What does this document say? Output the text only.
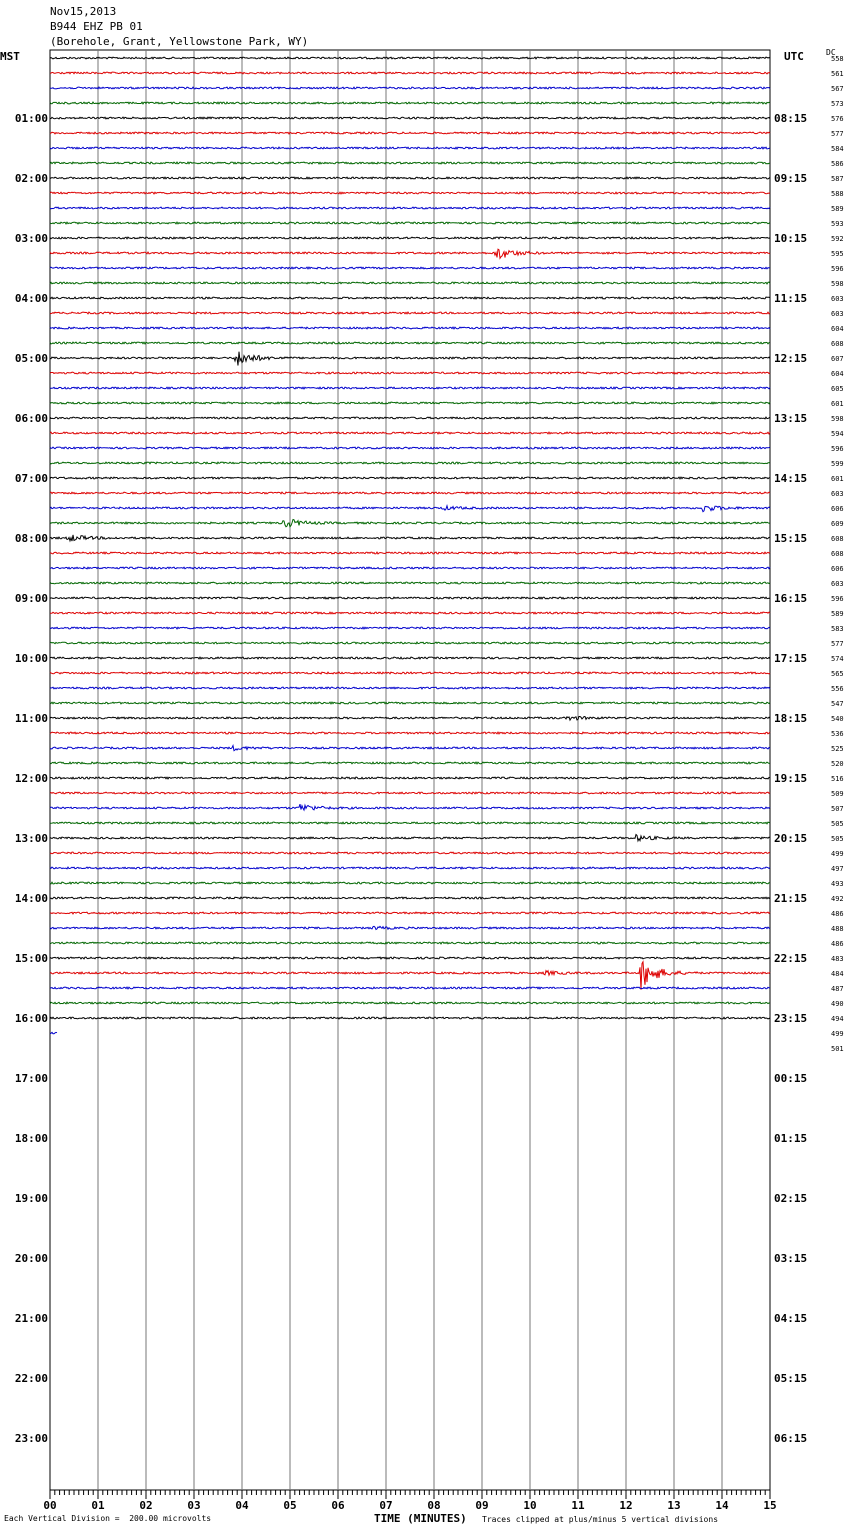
Nov15,2013
B944 EHZ PB 01
(Borehole, Grant, Yellowstone Park, WY)
MST	UTC	DC
00	01	02	03	04	05	06	07	08	09	10	11	12	13	14	15
01:00
02:00
03:00
04:00
05:00
06:00
07:00
08:00
09:00
10:00
11:00
12:00
13:00
14:00
15:00
16:00
17:00
18:00
19:00
20:00
21:00
22:00
23:00
08:15
09:15
10:15
11:15
12:15
13:15
14:15
15:15
16:15
17:15
18:15
19:15
20:15
21:15
22:15
23:15
00:15
01:15
02:15
03:15
04:15
05:15
06:15
558
561
567
573
576
577
584
586
587
588
589
593
592
595
596
598
603
603
604
608
607
604
605
601
598
594
596
599
601
603
606
609
608
608
606
603
596
589
583
577
574
565
556
547
540
536
525
520
516
509
507
505
505
499
497
493
492
486
488
486
483
484
487
490
494
499
501
Each Vertical Division =  200.00 microvolts	TIME (MINUTES) Traces clipped at plus/minus 5 vertical divisions
